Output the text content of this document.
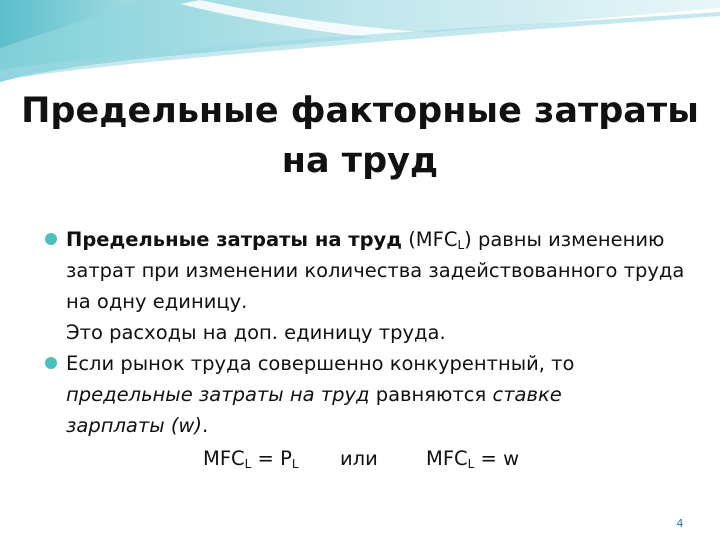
Предельные факторные затраты
на труд
Предельные затраты на труд $(MFC_L)$ равны изменению
затрат при изменении количества задействованного труда
на одну единицу.
Это расходы на доп. единицу труда.
Если рынок труда совершенно конкурентный, то
предельные затраты на труд равняются ставке
зарплаты (w).
$MFC_L = P_L$ или $MFC_L = w$
4
